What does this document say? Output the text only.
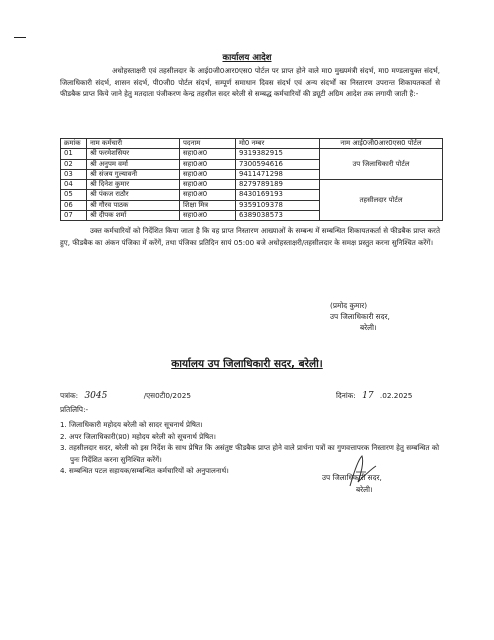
कार्यालय आदेश
अधोहस्ताक्षरी एवं तहसीलदार के आई0जी0आर0एस0 पोर्टल पर प्राप्त होने वाले मा0 मुख्यमंत्री संदर्भ, मा0 मण्डलायुक्त संदर्भ, जिलाधिकारी संदर्भ, शासन संदर्भ, पी0जी0 पोर्टल संदर्भ, सम्पूर्ण समाधान दिवस संदर्भ एवं अन्य संदर्भों का निस्तारण उपरान्त शिकायतकर्ता से फीडबैक प्राप्त किये जाने हेतु मतदाता पंजीकरण केन्द्र तहसील सदर बरेली से सम्बद्ध कर्मचारियों की ड्यूटी अग्रिम आदेश तक लगायी जाती है:-
क्रमांक	नाम कर्मचारी	पदनाम	मो0 नम्बर	नाम आई0जी0आर0एस0 पोर्टल
01	श्री फरमेशसियर	सहा0अ0	9319382915	उप जिलाधिकारी पोर्टल
02	श्री अनुपम वर्मा	सहा0अ0	7300594616	
03	श्री संजय गुल्यावनी	सहा0अ0	9411471298	
04	श्री दिनेश कुमार	सहा0अ0	8279789189	तहसीलदार पोर्टल
05	श्री पंकज राठौर	सहा0अ0	8430169193	
06	श्री गौरव पाठक	शिक्षा मित्र	9359109378	
07	श्री दीपक शर्मा	सहा0अ0	6389038573	
उक्त कर्मचारियों को निर्देशित किया जाता है कि वह प्राप्त निस्तारण आख्याओं के सम्बन्ध में सम्बन्धित शिकायतकर्ता से फीडबैक प्राप्त करते हुए, फीडबैक का अंकन पंजिका में करेंगें, तथा पंजिका प्रतिदिन सायं 05:00 बजे अधोहस्ताक्षरी/तहसीलदार के समक्ष प्रस्तुत करना सुनिश्चित करेंगें।
(प्रमोद कुमार)
उप जिलाधिकारी सदर,
बरेली।
कार्यालय उप जिलाधिकारी सदर, बरेली।
पत्रांक: 3045	/एस0टी0/2025	दिनांक: 17 .02.2025
प्रतिलिपि:-
1. जिलाधिकारी महोदय बरेली को सादर सूचनार्थ प्रेषित।
2. अपर जिलाधिकारी(प्र0) महोदय बरेली को सूचनार्थ प्रेषित।
3. तहसीलदार सदर, बरेली को इस निर्देश के साथ प्रेषित कि असंतुष्ट फीडबैक प्राप्त होने वाले प्रार्थना पत्रों का गुणवत्तापरक निस्तारण हेतु सम्बन्धित को पुनः निर्देशित करना सुनिश्चित करेंगें।
4. सम्बन्धित पटल सहायक/सम्बन्धित कर्मचारियों को अनुपालनार्थ।
उप जिलाधिकारी सदर,
बरेली।
